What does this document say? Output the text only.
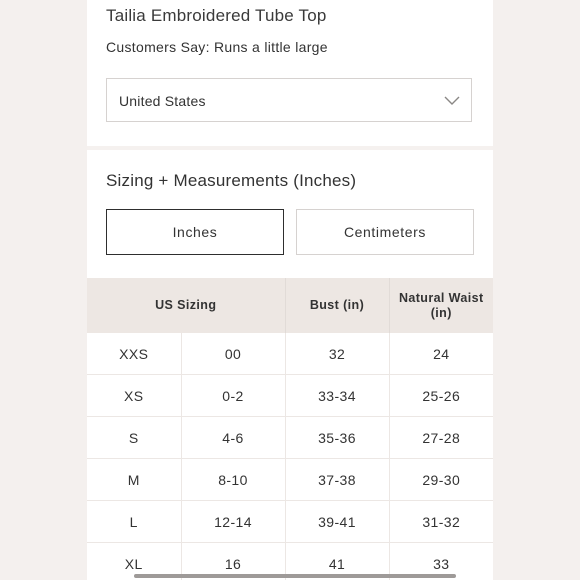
Tailia Embroidered Tube Top
Customers Say: Runs a little large
United States
Sizing + Measurements (Inches)
Inches	Centimeters
US Sizing		Bust (in)	Natural Waist (in)
XXS	00	32	24
XS	0-2	33-34	25-26
S	4-6	35-36	27-28
M	8-10	37-38	29-30
L	12-14	39-41	31-32
XL	16	41	33
